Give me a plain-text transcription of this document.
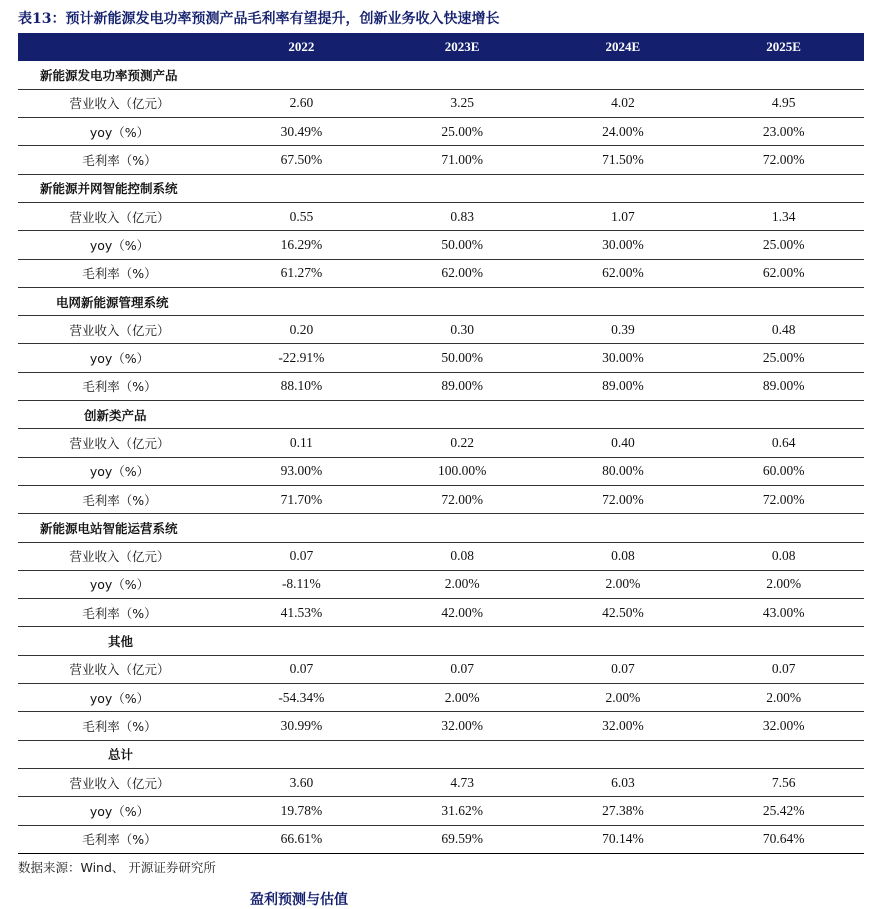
表13：预计新能源发电功率预测产品毛利率有望提升，创新业务收入快速增长
	2022	2023E	2024E	2025E
新能源发电功率预测产品				
营业收入（亿元）	2.60	3.25	4.02	4.95
yoy（%）	30.49%	25.00%	24.00%	23.00%
毛利率（%）	67.50%	71.00%	71.50%	72.00%
新能源并网智能控制系统				
营业收入（亿元）	0.55	0.83	1.07	1.34
yoy（%）	16.29%	50.00%	30.00%	25.00%
毛利率（%）	61.27%	62.00%	62.00%	62.00%
电网新能源管理系统				
营业收入（亿元）	0.20	0.30	0.39	0.48
yoy（%）	-22.91%	50.00%	30.00%	25.00%
毛利率（%）	88.10%	89.00%	89.00%	89.00%
创新类产品				
营业收入（亿元）	0.11	0.22	0.40	0.64
yoy（%）	93.00%	100.00%	80.00%	60.00%
毛利率（%）	71.70%	72.00%	72.00%	72.00%
新能源电站智能运营系统				
营业收入（亿元）	0.07	0.08	0.08	0.08
yoy（%）	-8.11%	2.00%	2.00%	2.00%
毛利率（%）	41.53%	42.00%	42.50%	43.00%
其他				
营业收入（亿元）	0.07	0.07	0.07	0.07
yoy（%）	-54.34%	2.00%	2.00%	2.00%
毛利率（%）	30.99%	32.00%	32.00%	32.00%
总计				
营业收入（亿元）	3.60	4.73	6.03	7.56
yoy（%）	19.78%	31.62%	27.38%	25.42%
毛利率（%）	66.61%	69.59%	70.14%	70.64%
数据来源：Wind、 开源证券研究所
盈利预测与估值
